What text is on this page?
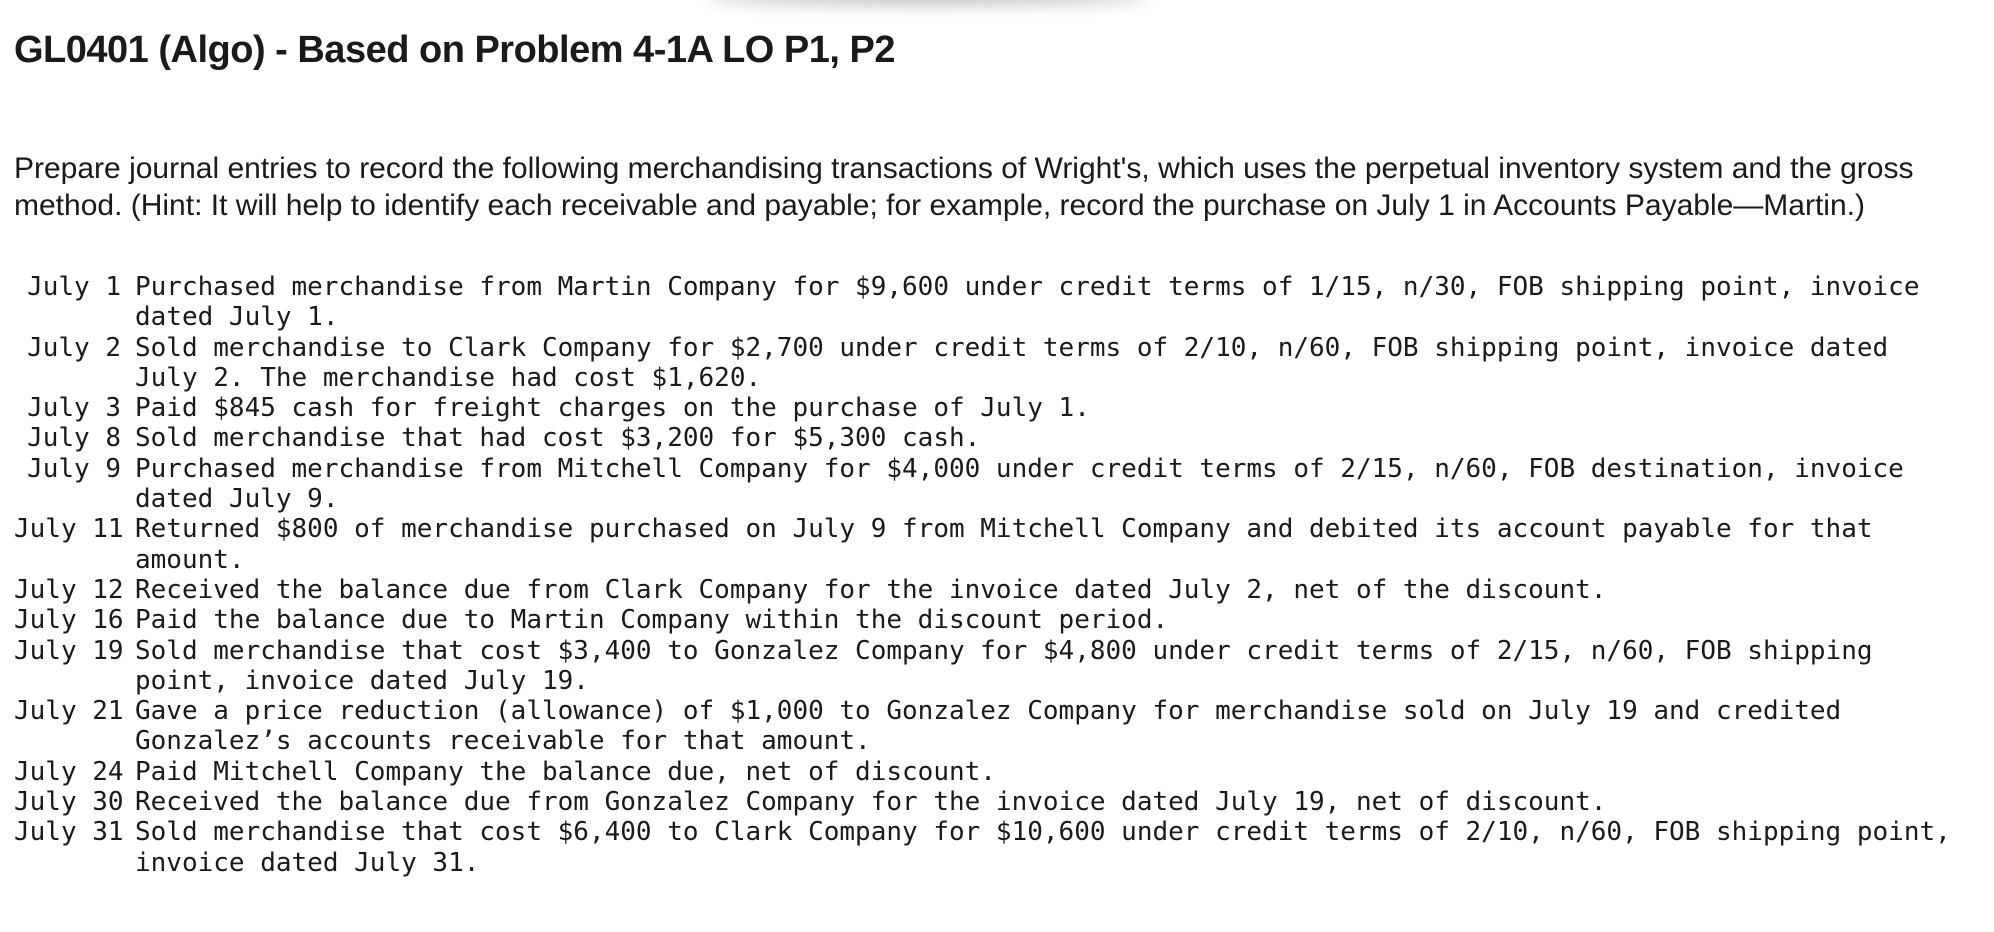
GL0401 (Algo) - Based on Problem 4-1A LO P1, P2

Prepare journal entries to record the following merchandising transactions of Wright's, which uses the perpetual inventory system and the gross method. (Hint: It will help to identify each receivable and payable; for example, record the purchase on July 1 in Accounts Payable—Martin.)

July 1 Purchased merchandise from Martin Company for $9,600 under credit terms of 1/15, n/30, FOB shipping point, invoice dated July 1.
July 2 Sold merchandise to Clark Company for $2,700 under credit terms of 2/10, n/60, FOB shipping point, invoice dated July 2. The merchandise had cost $1,620.
July 3 Paid $845 cash for freight charges on the purchase of July 1.
July 8 Sold merchandise that had cost $3,200 for $5,300 cash.
July 9 Purchased merchandise from Mitchell Company for $4,000 under credit terms of 2/15, n/60, FOB destination, invoice dated July 9.
July 11 Returned $800 of merchandise purchased on July 9 from Mitchell Company and debited its account payable for that amount.
July 12 Received the balance due from Clark Company for the invoice dated July 2, net of the discount.
July 16 Paid the balance due to Martin Company within the discount period.
July 19 Sold merchandise that cost $3,400 to Gonzalez Company for $4,800 under credit terms of 2/15, n/60, FOB shipping point, invoice dated July 19.
July 21 Gave a price reduction (allowance) of $1,000 to Gonzalez Company for merchandise sold on July 19 and credited Gonzalez’s accounts receivable for that amount.
July 24 Paid Mitchell Company the balance due, net of discount.
July 30 Received the balance due from Gonzalez Company for the invoice dated July 19, net of discount.
July 31 Sold merchandise that cost $6,400 to Clark Company for $10,600 under credit terms of 2/10, n/60, FOB shipping point, invoice dated July 31.
